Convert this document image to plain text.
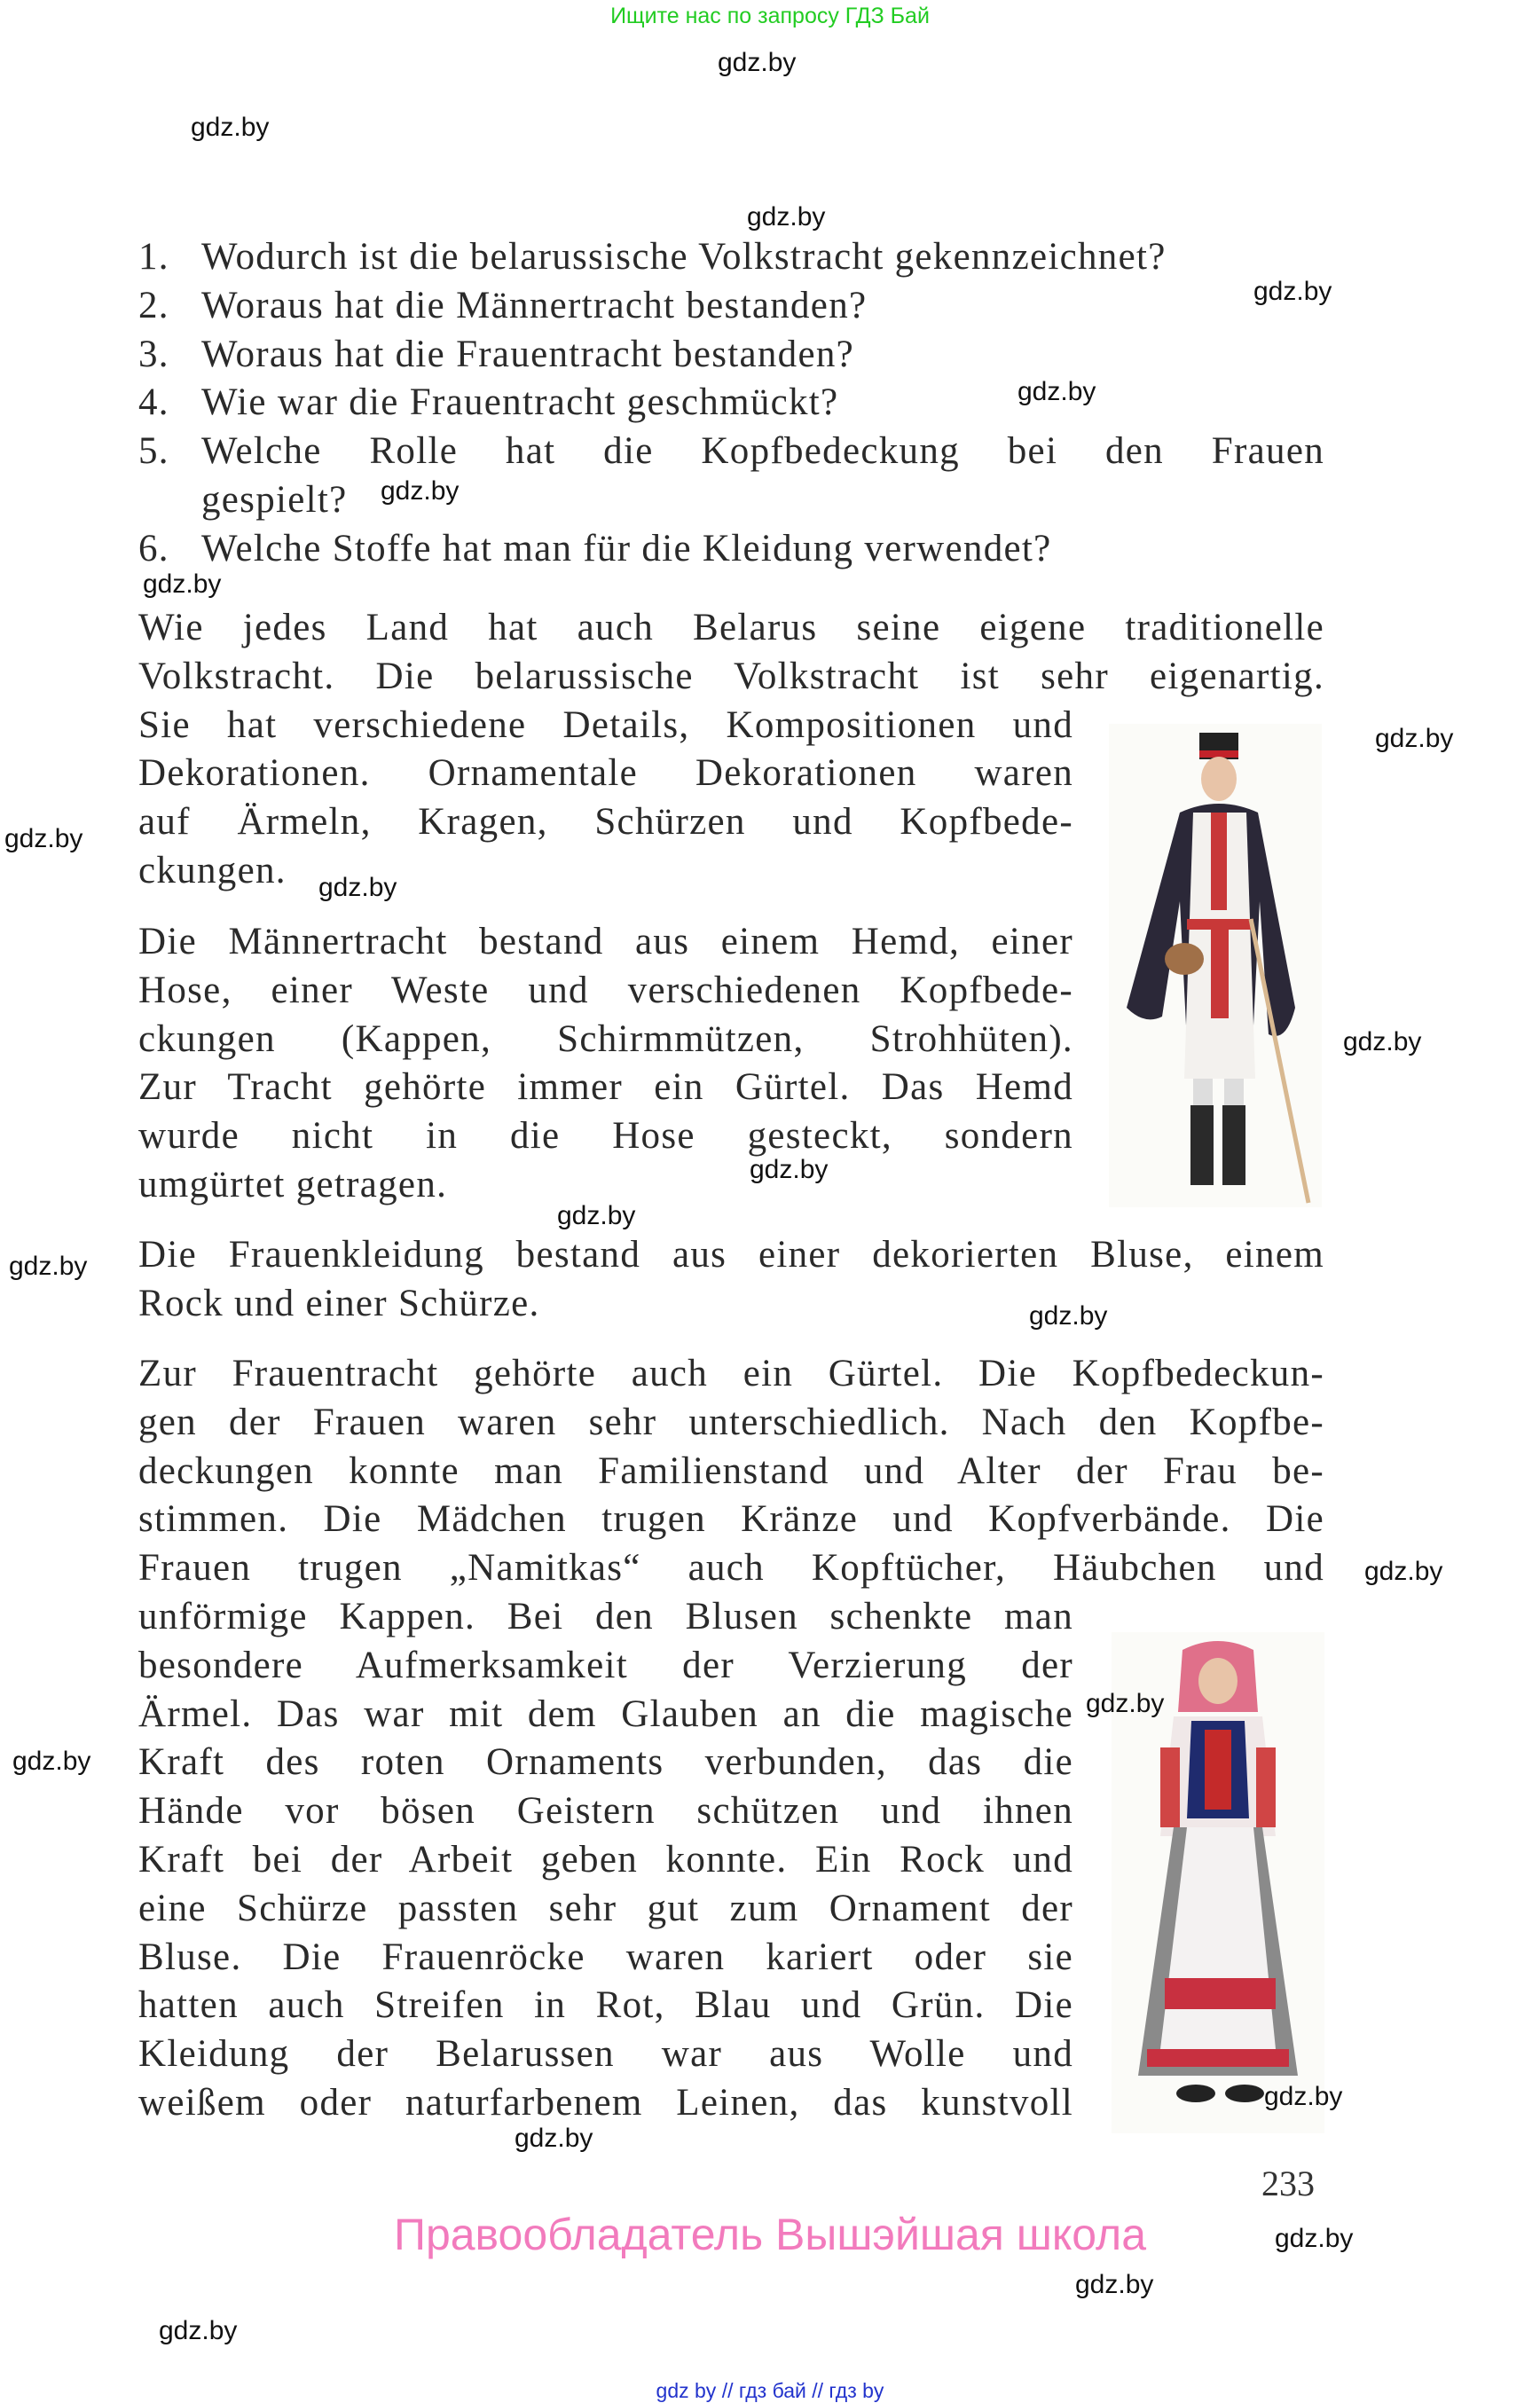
Ищите нас по запросу ГДЗ Бай
1. Wodurch ist die belarussische Volkstracht gekennzeichnet?
2. Woraus hat die Männertracht bestanden?
3. Woraus hat die Frauentracht bestanden?
4. Wie war die Frauentracht geschmückt?
5. Welche Rolle hat die Kopfbedeckung bei den Frauen
gespielt?
6. Welche Stoffe hat man für die Kleidung verwendet?
Wie jedes Land hat auch Belarus seine eigene traditionelle
Volkstracht. Die belarussische Volkstracht ist sehr eigenartig.
Sie hat verschiedene Details, Kompositionen und
Dekorationen. Ornamentale Dekorationen waren
auf Ärmeln, Kragen, Schürzen und Kopfbede-
ckungen.
Die Männertracht bestand aus einem Hemd, einer
Hose, einer Weste und verschiedenen Kopfbede-
ckungen (Kappen, Schirmmützen, Strohhüten).
Zur Tracht gehörte immer ein Gürtel. Das Hemd
wurde nicht in die Hose gesteckt, sondern
umgürtet getragen.
Die Frauenkleidung bestand aus einer dekorierten Bluse, einem
Rock und einer Schürze.
Zur Frauentracht gehörte auch ein Gürtel. Die Kopfbedeckun-
gen der Frauen waren sehr unterschiedlich. Nach den Kopfbe-
deckungen konnte man Familienstand und Alter der Frau be-
stimmen. Die Mädchen trugen Kränze und Kopfverbände. Die
Frauen trugen „Namitkas“ auch Kopftücher, Häubchen und
unförmige Kappen. Bei den Blusen schenkte man
besondere Aufmerksamkeit der Verzierung der
Ärmel. Das war mit dem Glauben an die magische
Kraft des roten Ornaments verbunden, das die
Hände vor bösen Geistern schützen und ihnen
Kraft bei der Arbeit geben konnte. Ein Rock und
eine Schürze passten sehr gut zum Ornament der
Bluse. Die Frauenröcke waren kariert oder sie
hatten auch Streifen in Rot, Blau und Grün. Die
Kleidung der Belarussen war aus Wolle und
weißem oder naturfarbenem Leinen, das kunstvoll
233
gdz.by
gdz.by
gdz.by
gdz.by
gdz.by
gdz.by
gdz.by
gdz.by
gdz.by
gdz.by
gdz.by
gdz.by
gdz.by
gdz.by
gdz.by
gdz.by
gdz.by
gdz.by
gdz.by
gdz.by
gdz.by
gdz.by
gdz.by
Правообладатель Вышэйшая школа
gdz by // гдз бай // гдз by
